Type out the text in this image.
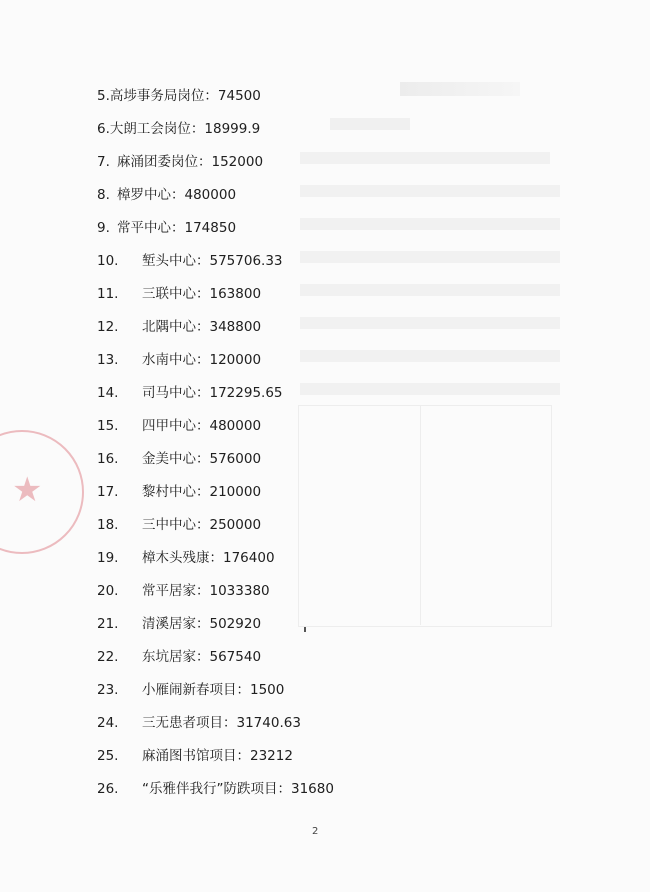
★
5.高埗事务局岗位：74500
6.大朗工会岗位：18999.9
7. 麻涌团委岗位：152000
8. 樟罗中心：480000
9. 常平中心：174850
10. 堑头中心：575706.33
11. 三联中心：163800
12. 北隅中心：348800
13. 水南中心：120000
14. 司马中心：172295.65
15. 四甲中心：480000
16. 金美中心：576000
17. 黎村中心：210000
18. 三中中心：250000
19. 樟木头残康：176400
20. 常平居家：1033380
21. 清溪居家：502920
22. 东坑居家：567540
23. 小雁闹新春项目：1500
24. 三无患者项目：31740.63
25. 麻涌图书馆项目：23212
26. “乐雅伴我行”防跌项目：31680
2
